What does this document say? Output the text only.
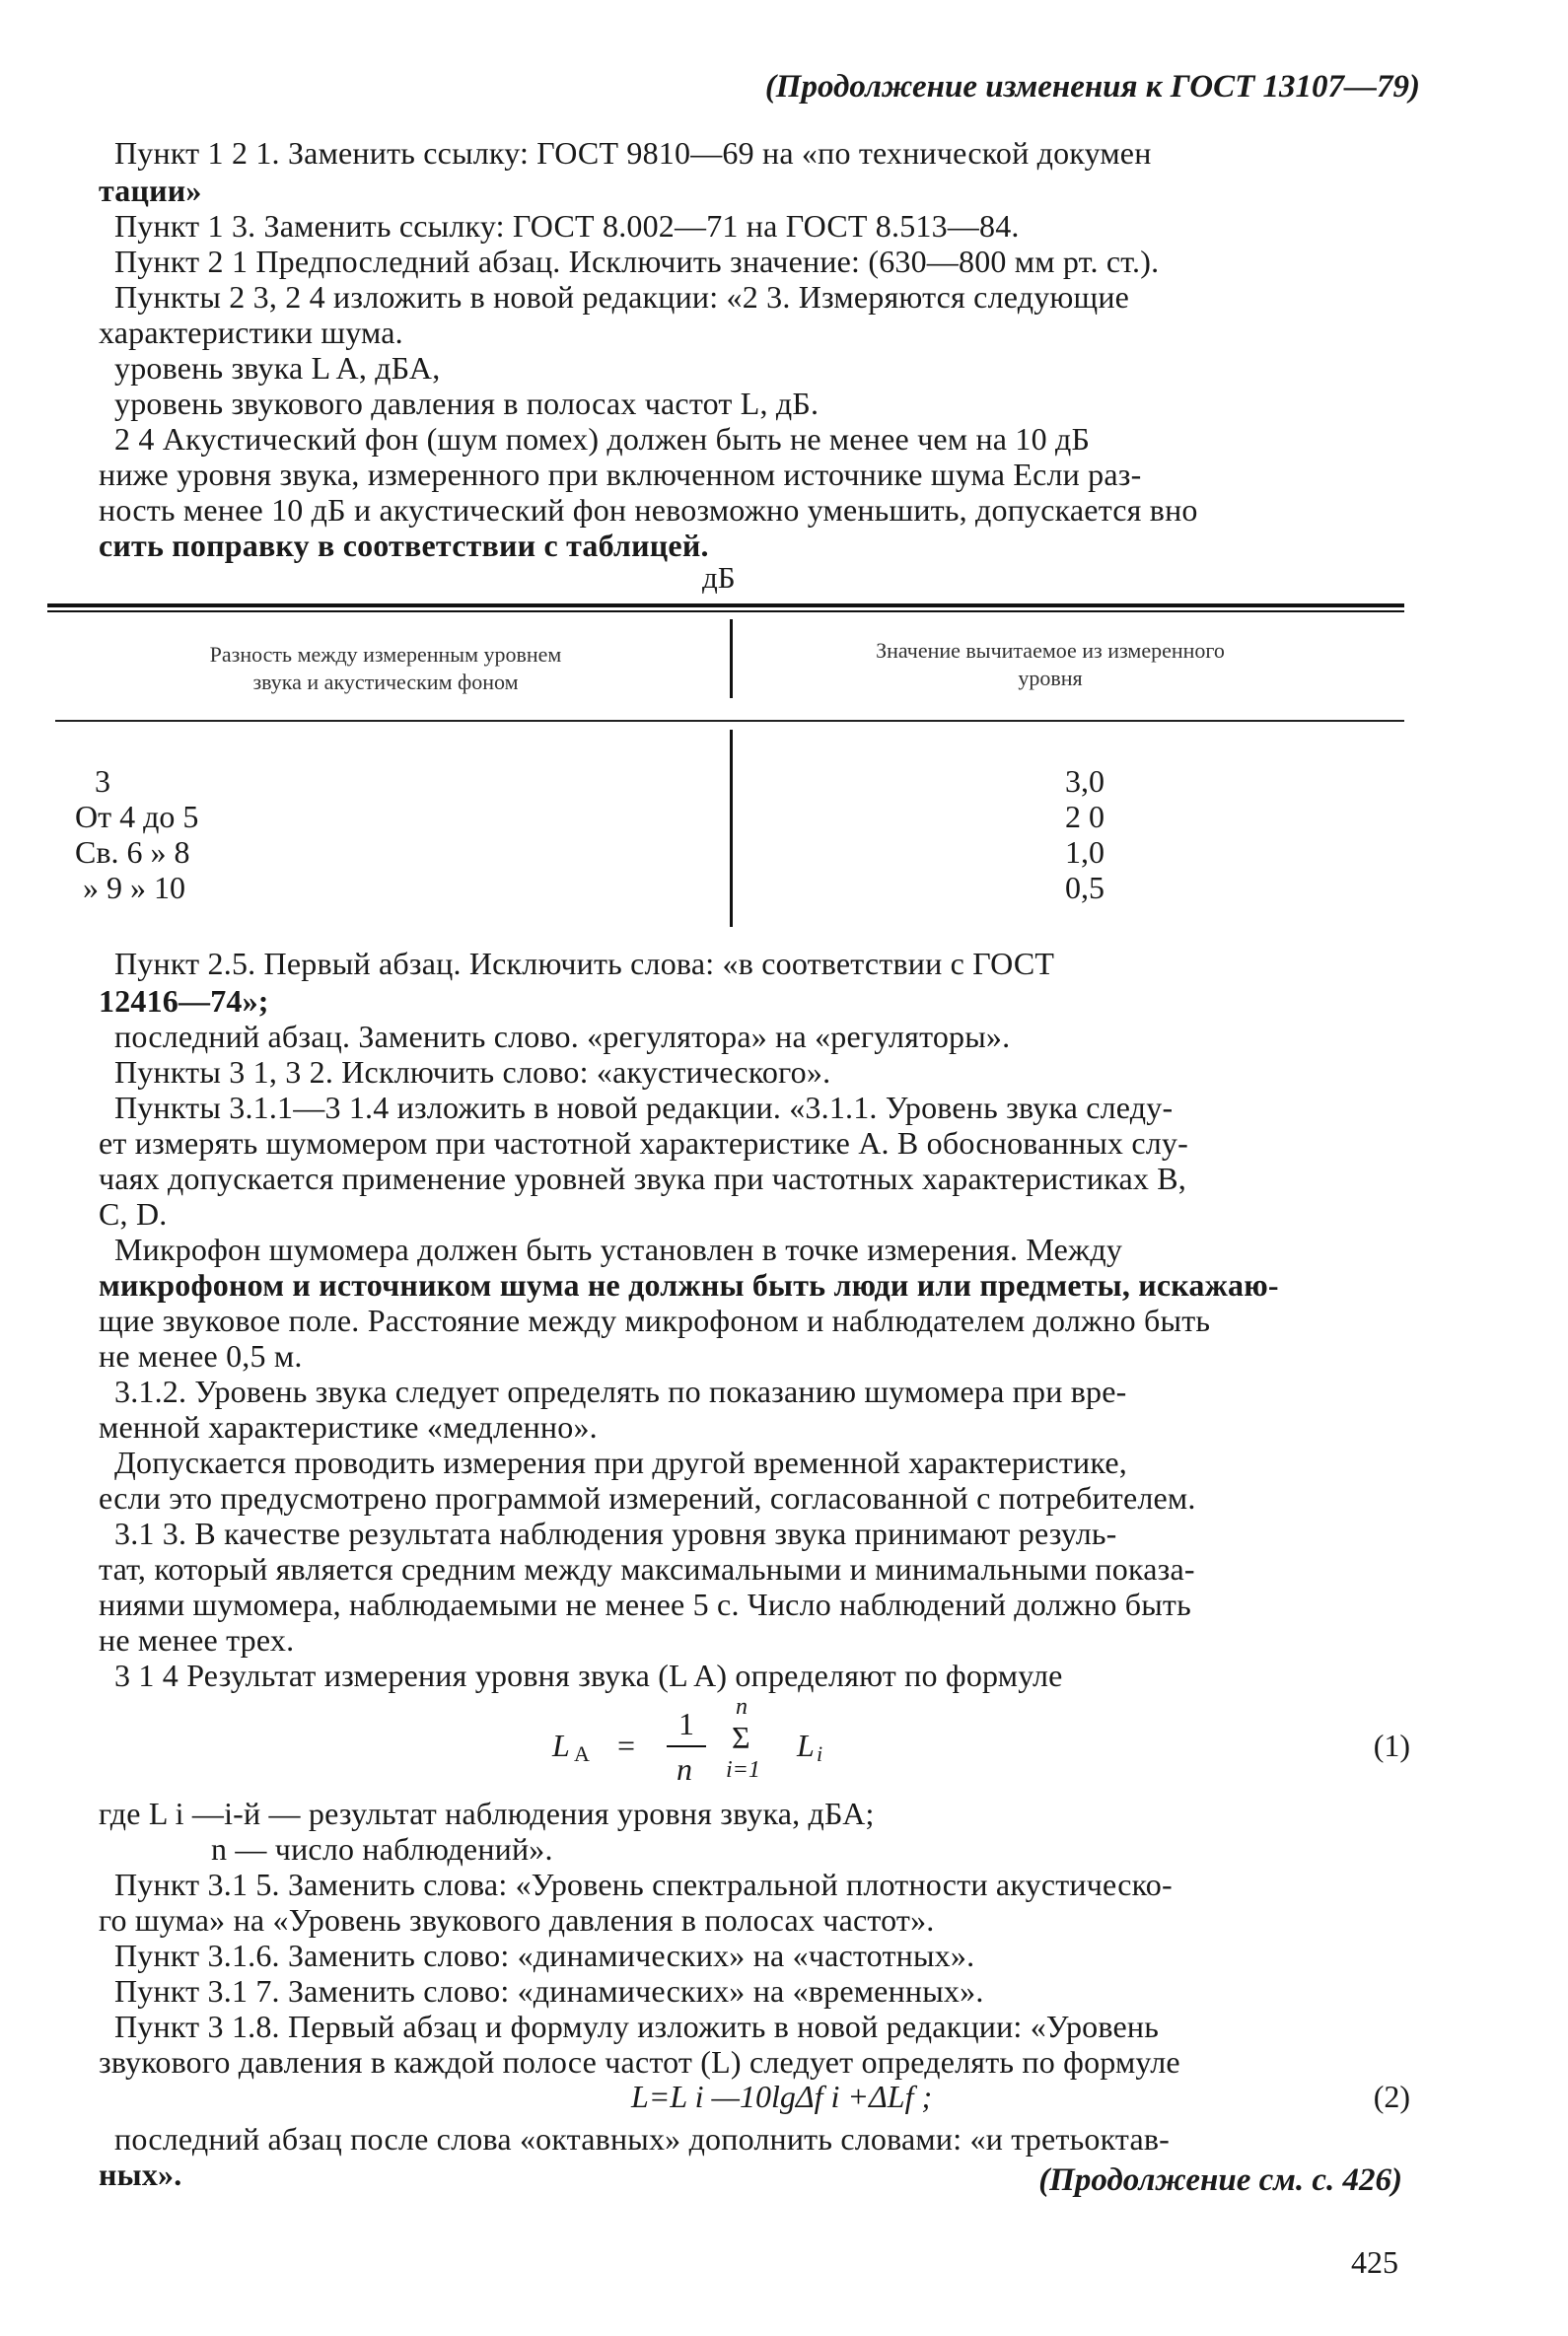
(Продолжение изменения к ГОСТ 13107—79)
Пункт 1 2 1. Заменить ссылку: ГОСТ 9810—69 на «по технической докумен
тации»
Пункт 1 3. Заменить ссылку: ГОСТ 8.002—71 на ГОСТ 8.513—84.
Пункт 2 1 Предпоследний абзац. Исключить значение: (630—800 мм рт. ст.).
Пункты 2 3, 2 4 изложить в новой редакции: «2 3. Измеряются следующие
характеристики шума.
уровень звука L A, дБА,
уровень звукового давления в полосах частот L, дБ.
2 4 Акустический фон (шум помех) должен быть не менее чем на 10 дБ
ниже уровня звука, измеренного при включенном источнике шума Если раз-
ность менее 10 дБ и акустический фон невозможно уменьшить, допускается вно
сить поправку в соответствии с таблицей.
дБ
Разность между измеренным уровнем
звука и акустическим фоном
Значение вычитаемое из измеренного
уровня
3	3,0
От 4 до 5	2 0
Св. 6 » 8	1,0
» 9 » 10	0,5
Пункт 2.5. Первый абзац. Исключить слова: «в соответствии с ГОСТ
12416—74»;
последний абзац. Заменить слово. «регулятора» на «регуляторы».
Пункты 3 1, 3 2. Исключить слово: «акустического».
Пункты 3.1.1—3 1.4 изложить в новой редакции. «3.1.1. Уровень звука следу-
ет измерять шумомером при частотной характеристике А. В обоснованных слу-
чаях допускается применение уровней звука при частотных характеристиках В,
С, D.
Микрофон шумомера должен быть установлен в точке измерения. Между
микрофоном и источником шума не должны быть люди или предметы, искажаю-
щие звуковое поле. Расстояние между микрофоном и наблюдателем должно быть
не менее 0,5 м.
3.1.2. Уровень звука следует определять по показанию шумомера при вре-
менной характеристике «медленно».
Допускается проводить измерения при другой временной характеристике,
если это предусмотрено программой измерений, согласованной с потребителем.
3.1 3. В качестве результата наблюдения уровня звука принимают резуль-
тат, который является средним между максимальными и минимальными показа-
ниями шумомера, наблюдаемыми не менее 5 с. Число наблюдений должно быть
не менее трех.
3 1 4 Результат измерения уровня звука (L A) определяют по формуле
L A =
1
n
n
Σ
i=1
L i	(1)
где L i —i-й — результат наблюдения уровня звука, дБА;
n — число наблюдений».
Пункт 3.1 5. Заменить слова: «Уровень спектральной плотности акустическо-
го шума» на «Уровень звукового давления в полосах частот».
Пункт 3.1.6. Заменить слово: «динамических» на «частотных».
Пункт 3.1 7. Заменить слово: «динамических» на «временных».
Пункт 3 1.8. Первый абзац и формулу изложить в новой редакции: «Уровень
звукового давления в каждой полосе частот (L) следует определять по формуле
L=L i —10lgΔf i +ΔLf ;	(2)
последний абзац после слова «октавных» дополнить словами: «и третьоктав-
ных».	(Продолжение см. с. 426)
425
